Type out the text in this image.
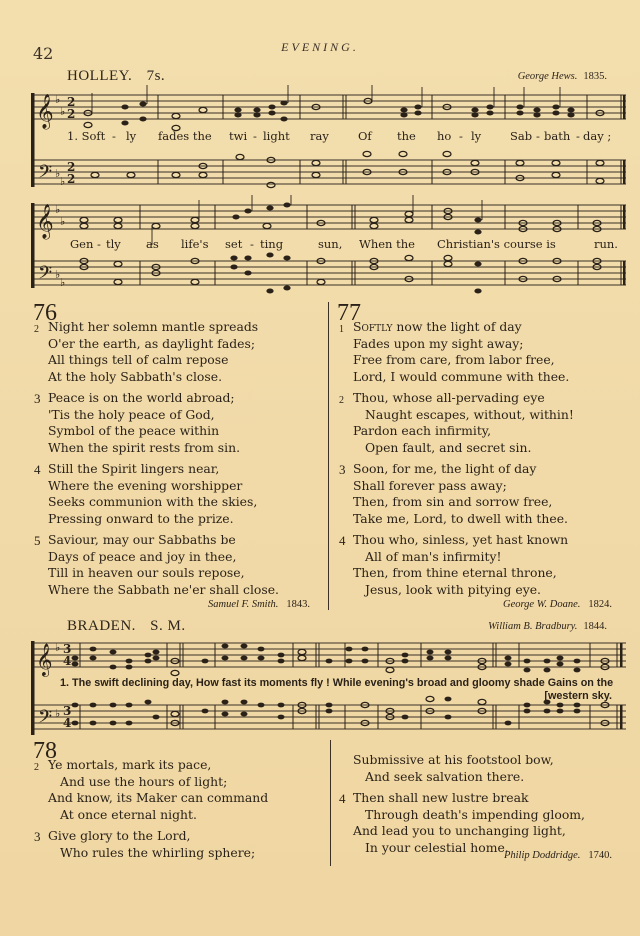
42	EVENING.
HOLLEY. 7s.	George Hews. 1835.
𝄞
𝄢
♭
♭
♭
♭
2
2
2
2
1. Soft - ly fades the twi - light ray	Of the ho - ly	Sab - bath - day ;
𝄞
𝄢
♭
♭
♭
♭
Gen - tly as life's set - ting	sun, When the Christian's course is	run.
76
2 Night her solemn mantle spreads
O'er the earth, as daylight fades;
All things tell of calm repose
At the holy Sabbath's close.
3 Peace is on the world abroad;
'Tis the holy peace of God,
Symbol of the peace within
When the spirit rests from sin.
4 Still the Spirit lingers near,
Where the evening worshipper
Seeks communion with the skies,
Pressing onward to the prize.
5 Saviour, may our Sabbaths be
Days of peace and joy in thee,
Till in heaven our souls repose,
Where the Sabbath ne'er shall close.
Samuel F. Smith. 1843.
77
1 Softly now the light of day
Fades upon my sight away;
Free from care, from labor free,
Lord, I would commune with thee.
2 Thou, whose all-pervading eye
Naught escapes, without, within!
Pardon each infirmity,
Open fault, and secret sin.
3 Soon, for me, the light of day
Shall forever pass away;
Then, from sin and sorrow free,
Take me, Lord, to dwell with thee.
4 Thou who, sinless, yet hast known
All of man's infirmity!
Then, from thine eternal throne,
Jesus, look with pitying eye.
George W. Doane. 1824.
BRADEN. S. M.	William B. Bradbury. 1844.
𝄞
𝄢
♭
♭
3
4
3
4
1. The swift declining day, How fast its moments fly ! While evening's broad and gloomy shade Gains on the
[western sky.
78
2 Ye mortals, mark its pace,
And use the hours of light;
And know, its Maker can command
At once eternal night.
3 Give glory to the Lord,
Who rules the whirling sphere;
Submissive at his footstool bow,
And seek salvation there.
4 Then shall new lustre break
Through death's impending gloom,
And lead you to unchanging light,
In your celestial home.
Philip Doddridge. 1740.
